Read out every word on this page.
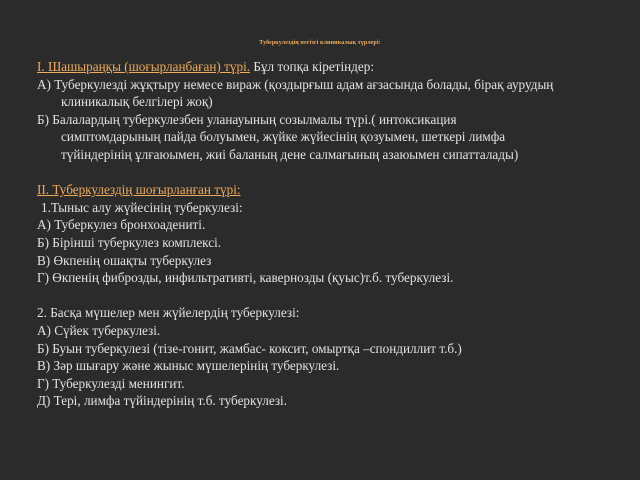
Туберкулездің негізгі клиникалық түрлері:

I. Шашыраңқы (шоғырланбаған) түрі. Бұл топқа кіретіндер:

А) Туберкулезді жұқтыру немесе вираж (қоздырғыш адам ағзасында болады, бірақ аурудың

клиникалық белгілері жоқ)

Б) Балалардың туберкулезбен уланауының созылмалы түрі.( интоксикация

симптомдарының пайда болуымен, жүйке жүйесінің қозуымен, шеткері лимфа

түйіндерінің ұлғаюымен, жиі баланың дене салмағының азаюымен сипатталады)

II. Туберкулездің шоғырланған түрі:

1.Тыныс алу жүйесінің туберкулезі:

А) Туберкулез бронхоадениті.

Б) Бірінші туберкулез комплексі.

В) Өкпенің ошақты туберкулез

Г) Өкпенің фиброзды, инфильтративті, кавернозды (қуыс)т.б. туберкулезі.

2. Басқа мүшелер мен жүйелердің туберкулезі:

А) Сүйек туберкулезі.

Б) Буын туберкулезі (тізе-гонит, жамбас- коксит, омыртқа –спондиллит т.б.)

В) Зәр шығару және жыныс мүшелерінің туберкулезі.

Г) Туберкулезді менингит.

Д) Тері, лимфа түйіндерінің т.б. туберкулезі.
